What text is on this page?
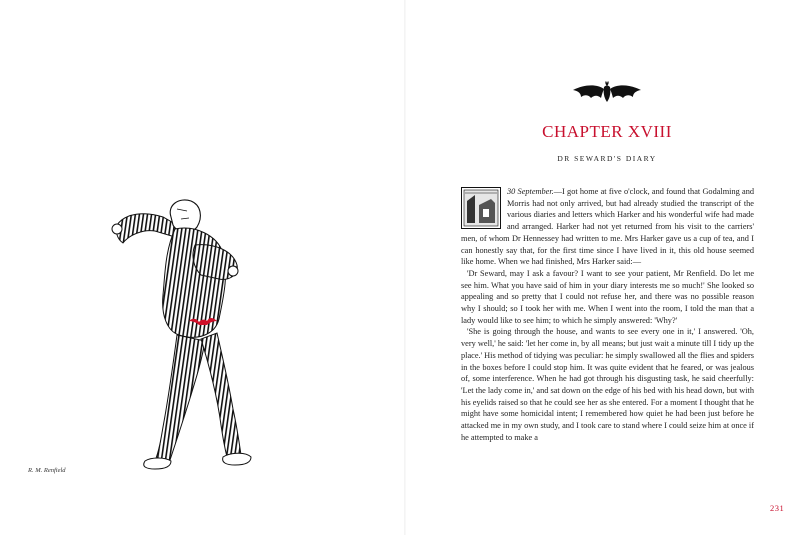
R. M. Renfield
CHAPTER XVIII
DR SEWARD'S DIARY

30 September.—I got home at five o'clock, and found that Godalming and Morris had not only arrived, but had already studied the transcript of the various diaries and letters which Harker and his wonderful wife had made and arranged. Harker had not yet returned from his visit to the carriers' men, of whom Dr Hennessey had written to me. Mrs Harker gave us a cup of tea, and I can honestly say that, for the first time since I have lived in it, this old house seemed like home. When we had finished, Mrs Harker said:—

'Dr Seward, may I ask a favour? I want to see your patient, Mr Renfield. Do let me see him. What you have said of him in your diary interests me so much!' She looked so appealing and so pretty that I could not refuse her, and there was no possible reason why I should; so I took her with me. When I went into the room, I told the man that a lady would like to see him; to which he simply answered: 'Why?'

'She is going through the house, and wants to see every one in it,' I answered. 'Oh, very well,' he said: 'let her come in, by all means; but just wait a minute till I tidy up the place.' His method of tidying was peculiar: he simply swallowed all the flies and spiders in the boxes before I could stop him. It was quite evident that he feared, or was jealous of, some interference. When he had got through his disgusting task, he said cheerfully: 'Let the lady come in,' and sat down on the edge of his bed with his head down, but with his eyelids raised so that he could see her as she entered. For a moment I thought that he might have some homicidal intent; I remembered how quiet he had been just before he attacked me in my own study, and I took care to stand where I could seize him at once if he attempted to make a

231
